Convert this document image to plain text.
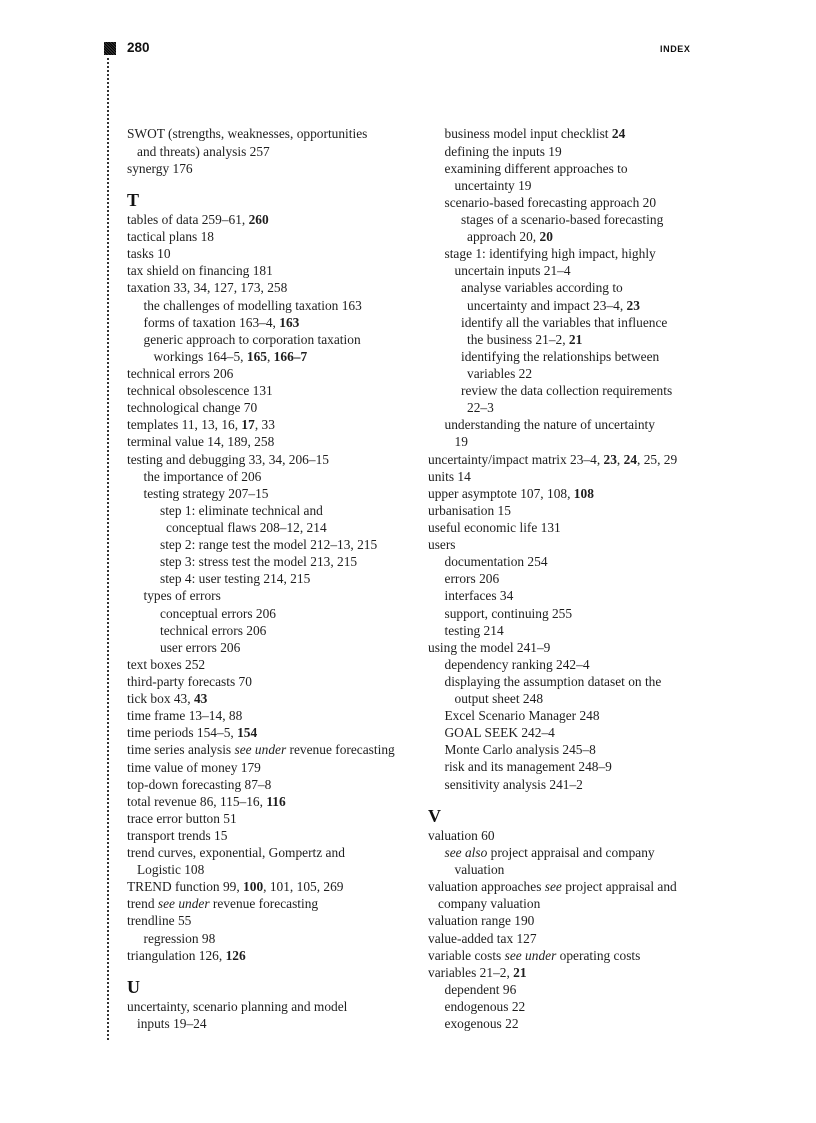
280	INDEX
SWOT (strengths, weaknesses, opportunities
and threats) analysis 257
synergy 176
T
tables of data 259–61, 260
tactical plans 18
tasks 10
tax shield on financing 181
taxation 33, 34, 127, 173, 258
the challenges of modelling taxation 163
forms of taxation 163–4, 163
generic approach to corporation taxation
workings 164–5, 165, 166–7
technical errors 206
technical obsolescence 131
technological change 70
templates 11, 13, 16, 17, 33
terminal value 14, 189, 258
testing and debugging 33, 34, 206–15
the importance of 206
testing strategy 207–15
step 1: eliminate technical and
conceptual flaws 208–12, 214
step 2: range test the model 212–13, 215
step 3: stress test the model 213, 215
step 4: user testing 214, 215
types of errors
conceptual errors 206
technical errors 206
user errors 206
text boxes 252
third-party forecasts 70
tick box 43, 43
time frame 13–14, 88
time periods 154–5, 154
time series analysis see under revenue forecasting
time value of money 179
top-down forecasting 87–8
total revenue 86, 115–16, 116
trace error button 51
transport trends 15
trend curves, exponential, Gompertz and
Logistic 108
TREND function 99, 100, 101, 105, 269
trend see under revenue forecasting
trendline 55
regression 98
triangulation 126, 126
U
uncertainty, scenario planning and model
inputs 19–24
business model input checklist 24
defining the inputs 19
examining different approaches to
uncertainty 19
scenario-based forecasting approach 20
stages of a scenario-based forecasting
approach 20, 20
stage 1: identifying high impact, highly
uncertain inputs 21–4
analyse variables according to
uncertainty and impact 23–4, 23
identify all the variables that influence
the business 21–2, 21
identifying the relationships between
variables 22
review the data collection requirements
22–3
understanding the nature of uncertainty
19
uncertainty/impact matrix 23–4, 23, 24, 25, 29
units 14
upper asymptote 107, 108, 108
urbanisation 15
useful economic life 131
users
documentation 254
errors 206
interfaces 34
support, continuing 255
testing 214
using the model 241–9
dependency ranking 242–4
displaying the assumption dataset on the
output sheet 248
Excel Scenario Manager 248
GOAL SEEK 242–4
Monte Carlo analysis 245–8
risk and its management 248–9
sensitivity analysis 241–2
V
valuation 60
see also project appraisal and company
valuation
valuation approaches see project appraisal and
company valuation
valuation range 190
value-added tax 127
variable costs see under operating costs
variables 21–2, 21
dependent 96
endogenous 22
exogenous 22
